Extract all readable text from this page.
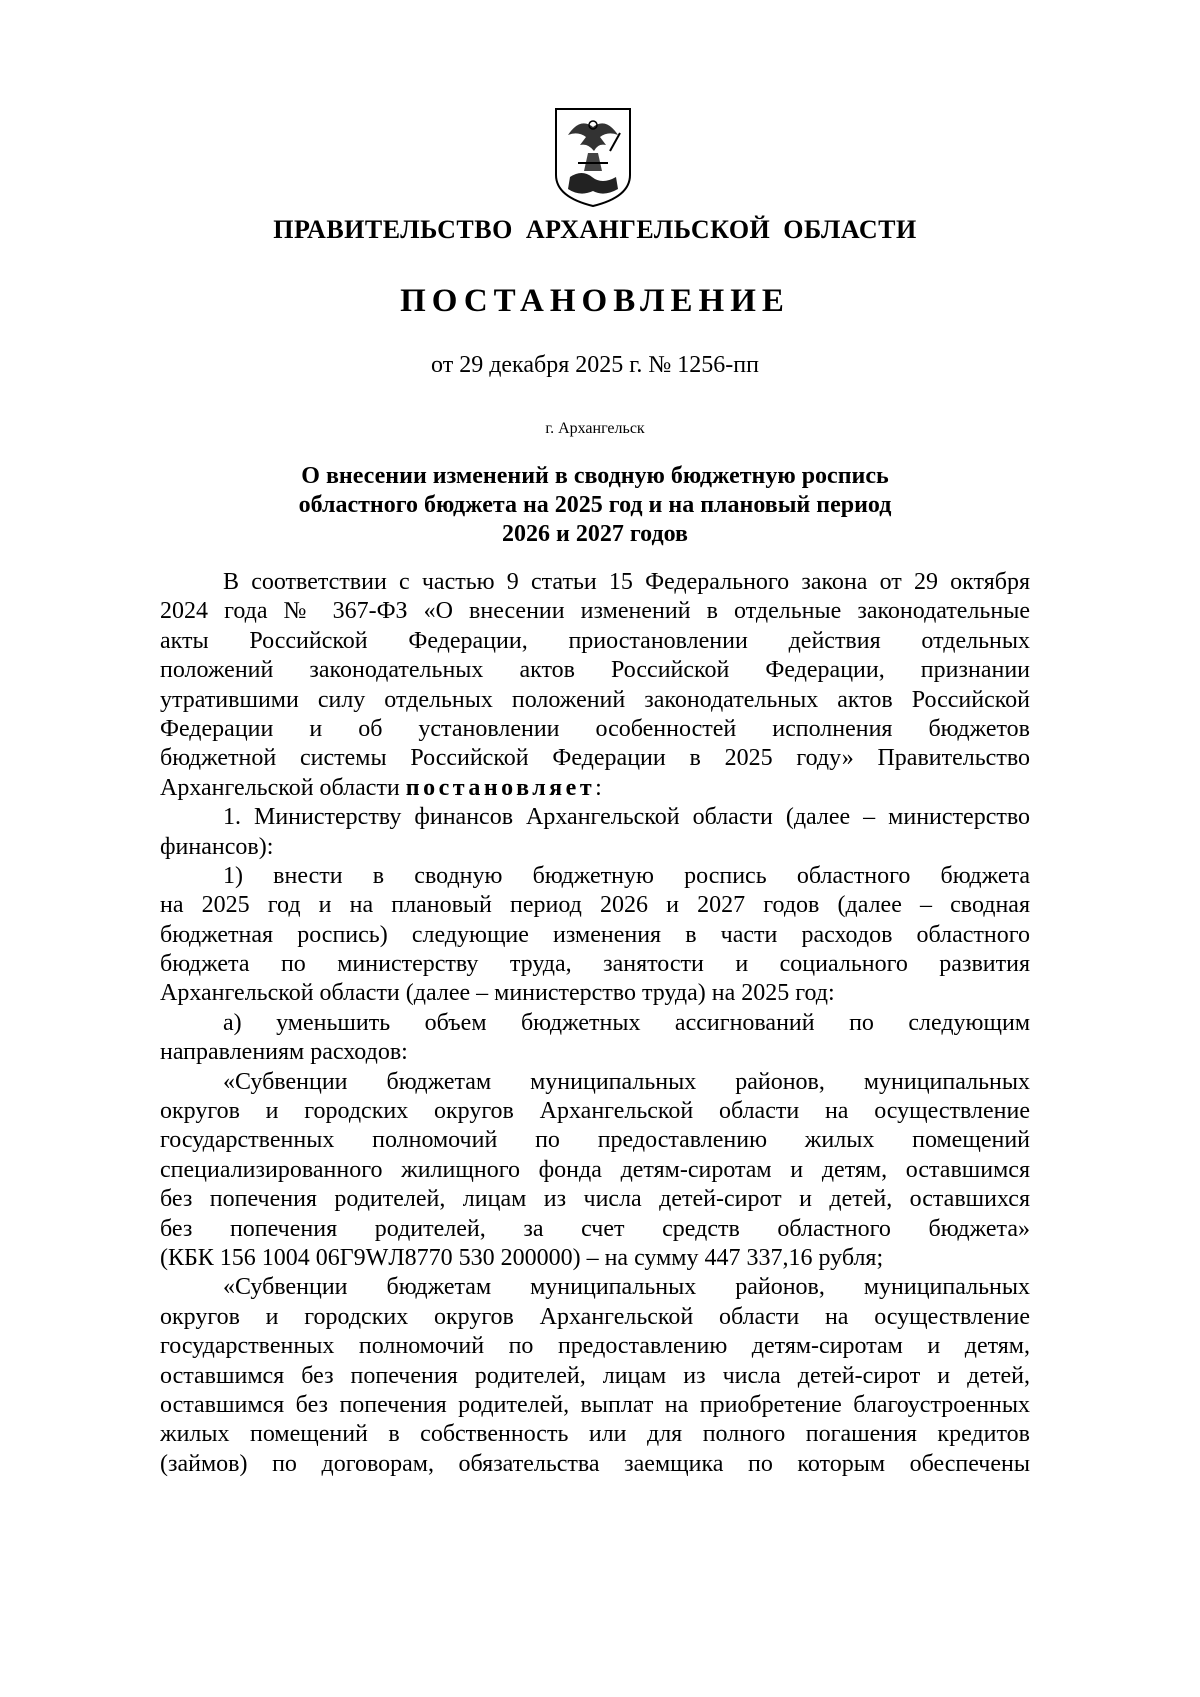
ПРАВИТЕЛЬСТВО АРХАНГЕЛЬСКОЙ ОБЛАСТИ
ПОСТАНОВЛЕНИЕ
от 29 декабря 2025 г. № 1256-пп
г. Архангельск
О внесении изменений в сводную бюджетную роспись
областного бюджета на 2025 год и на плановый период
2026 и 2027 годов
В соответствии с частью 9 статьи 15 Федерального закона от 29 октября
2024 года № 367-ФЗ «О внесении изменений в отдельные законодательные
акты Российской Федерации, приостановлении действия отдельных
положений законодательных актов Российской Федерации, признании
утратившими силу отдельных положений законодательных актов Российской
Федерации и об установлении особенностей исполнения бюджетов
бюджетной системы Российской Федерации в 2025 году» Правительство
Архангельской области постановляет:
1. Министерству финансов Архангельской области (далее – министерство
финансов):
1) внести в сводную бюджетную роспись областного бюджета
на 2025 год и на плановый период 2026 и 2027 годов (далее – сводная
бюджетная роспись) следующие изменения в части расходов областного
бюджета по министерству труда, занятости и социального развития
Архангельской области (далее – министерство труда) на 2025 год:
а) уменьшить объем бюджетных ассигнований по следующим
направлениям расходов:
«Субвенции бюджетам муниципальных районов, муниципальных
округов и городских округов Архангельской области на осуществление
государственных полномочий по предоставлению жилых помещений
специализированного жилищного фонда детям-сиротам и детям, оставшимся
без попечения родителей, лицам из числа детей-сирот и детей, оставшихся
без попечения родителей, за счет средств областного бюджета»
(КБК 156 1004 06Г9WЛ8770 530 200000) – на сумму 447 337,16 рубля;
«Субвенции бюджетам муниципальных районов, муниципальных
округов и городских округов Архангельской области на осуществление
государственных полномочий по предоставлению детям-сиротам и детям,
оставшимся без попечения родителей, лицам из числа детей-сирот и детей,
оставшимся без попечения родителей, выплат на приобретение благоустроенных
жилых помещений в собственность или для полного погашения кредитов
(займов) по договорам, обязательства заемщика по которым обеспечены
